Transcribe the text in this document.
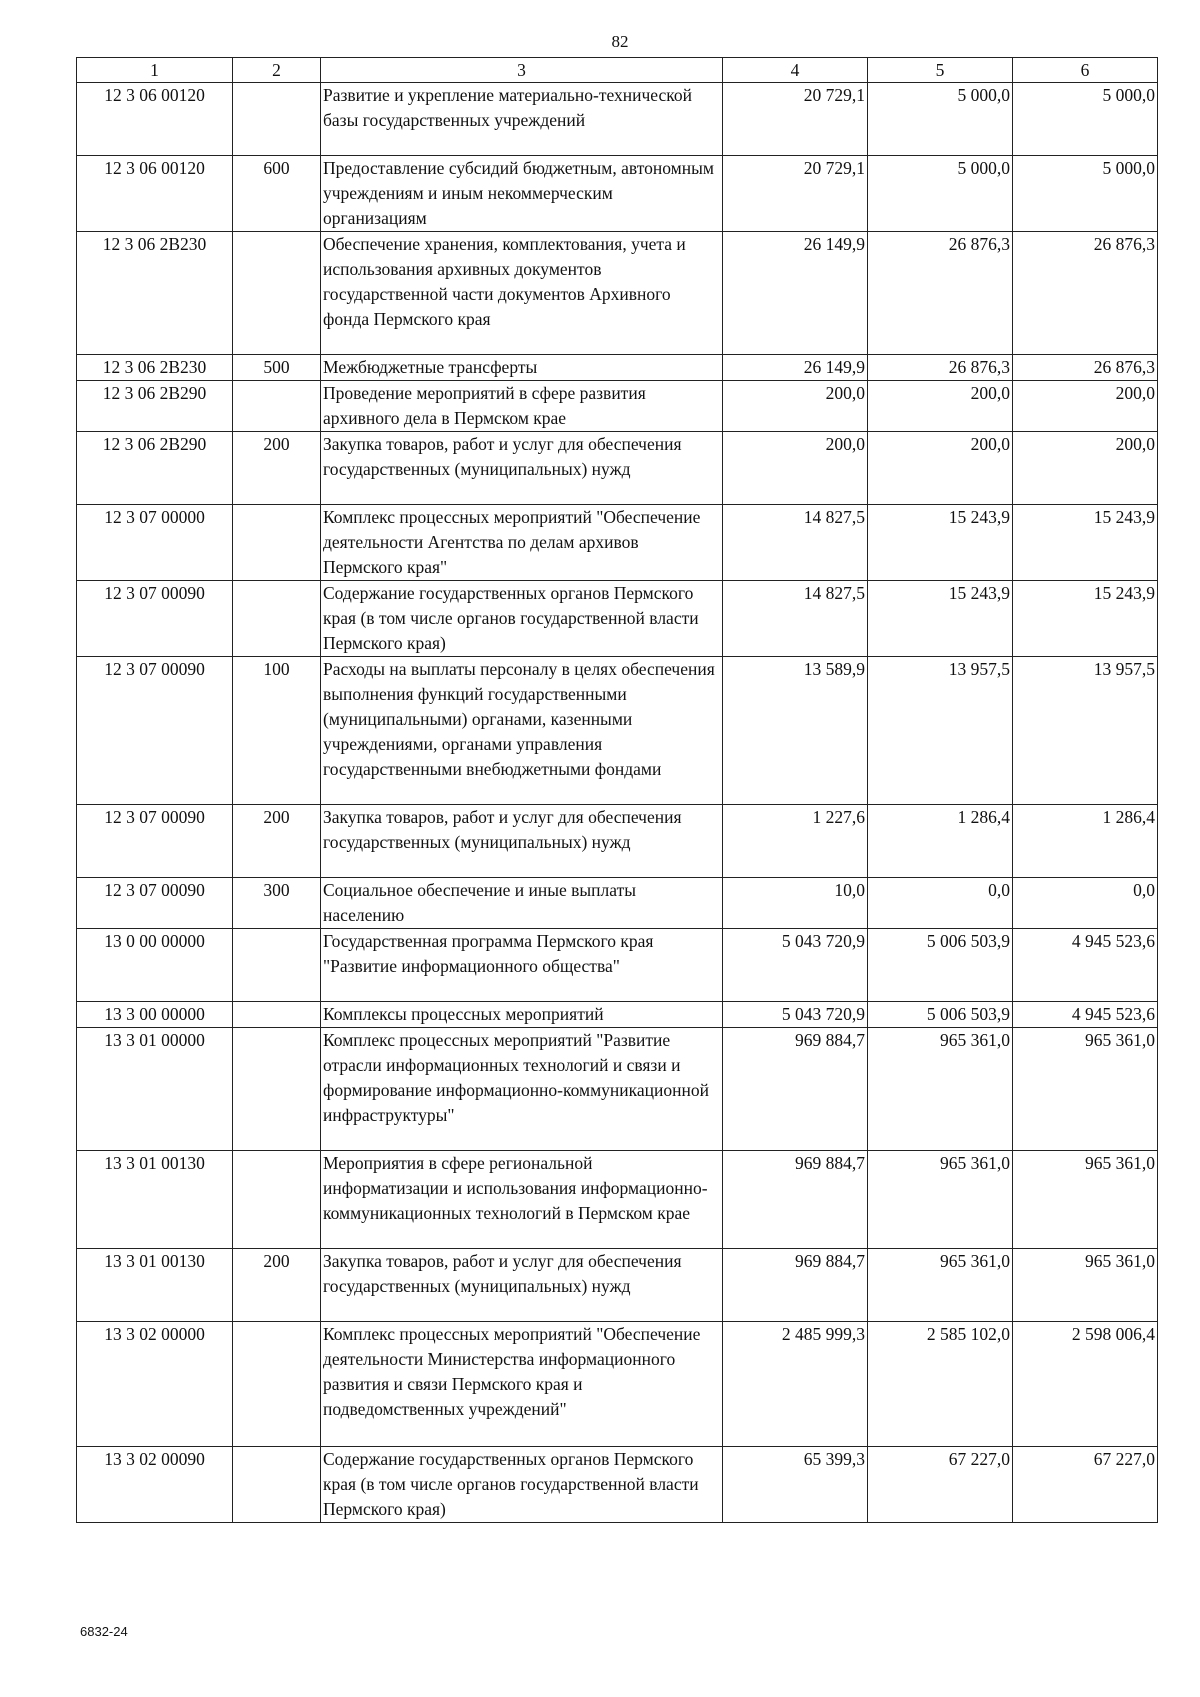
82
1	2	3	4	5	6
12 3 06 00120		Развитие и укрепление материально-технической базы государственных учреждений	20 729,1	5 000,0	5 000,0
12 3 06 00120	600	Предоставление субсидий бюджетным, автономным учреждениям и иным некоммерческим организациям	20 729,1	5 000,0	5 000,0
12 3 06 2В230		Обеспечение хранения, комплектования, учета и использования архивных документов государственной части документов Архивного фонда Пермского края	26 149,9	26 876,3	26 876,3
12 3 06 2В230	500	Межбюджетные трансферты	26 149,9	26 876,3	26 876,3
12 3 06 2В290		Проведение мероприятий в сфере развития архивного дела в Пермском крае	200,0	200,0	200,0
12 3 06 2В290	200	Закупка товаров, работ и услуг для обеспечения государственных (муниципальных) нужд	200,0	200,0	200,0
12 3 07 00000		Комплекс процессных мероприятий "Обеспечение деятельности Агентства по делам архивов Пермского края"	14 827,5	15 243,9	15 243,9
12 3 07 00090		Содержание государственных органов Пермского края (в том числе органов государственной власти Пермского края)	14 827,5	15 243,9	15 243,9
12 3 07 00090	100	Расходы на выплаты персоналу в целях обеспечения выполнения функций государственными (муниципальными) органами, казенными учреждениями, органами управления государственными внебюджетными фондами	13 589,9	13 957,5	13 957,5
12 3 07 00090	200	Закупка товаров, работ и услуг для обеспечения государственных (муниципальных) нужд	1 227,6	1 286,4	1 286,4
12 3 07 00090	300	Социальное обеспечение и иные выплаты населению	10,0	0,0	0,0
13 0 00 00000		Государственная программа Пермского края "Развитие информационного общества"	5 043 720,9	5 006 503,9	4 945 523,6
13 3 00 00000		Комплексы процессных мероприятий	5 043 720,9	5 006 503,9	4 945 523,6
13 3 01 00000		Комплекс процессных мероприятий "Развитие отрасли информационных технологий и связи и формирование информационно-коммуникационной инфраструктуры"	969 884,7	965 361,0	965 361,0
13 3 01 00130		Мероприятия в сфере региональной информатизации и использования информационно-коммуникационных технологий в Пермском крае	969 884,7	965 361,0	965 361,0
13 3 01 00130	200	Закупка товаров, работ и услуг для обеспечения государственных (муниципальных) нужд	969 884,7	965 361,0	965 361,0
13 3 02 00000		Комплекс процессных мероприятий "Обеспечение деятельности Министерства информационного развития и связи Пермского края и подведомственных учреждений"	2 485 999,3	2 585 102,0	2 598 006,4
13 3 02 00090		Содержание государственных органов Пермского края (в том числе органов государственной власти Пермского края)	65 399,3	67 227,0	67 227,0
6832-24
